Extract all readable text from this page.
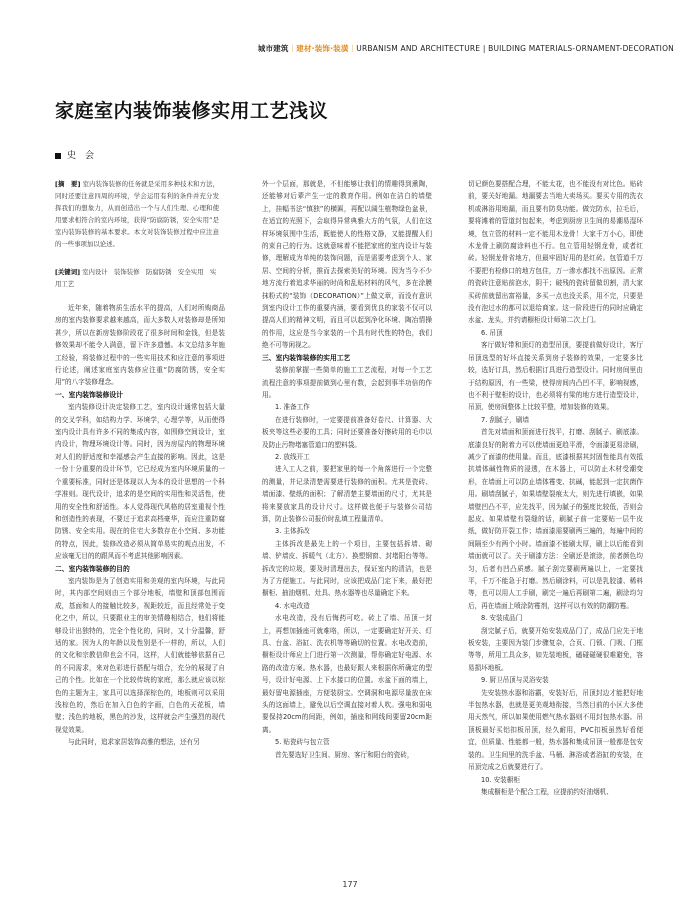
城市建筑｜建材·装饰·装潢｜URBANISM AND ARCHITECTURE | BUILDING MATERIALS-ORNAMENT-DECORATION
家庭室内装饰装修实用工艺浅议
史　会
[摘　要] 室内装饰装修的任务就是采用多种技术和方法，同时还要注意四周的环境，学会运用有利的条件并充分发挥我们的想象力，从而创造出一个与人们生理、心理和使用要求相符合的室内环境，获得“防腐防锈，安全实用”是室内装饰装修的基本要求。本文对装饰装修过程中应注意的一些事项加以论述。
[关键词] 室内设计　装饰装修　防腐防锈　安全实用　实用工艺

近年来，随着物质生活水平的提高，人们对所购商品房的室内装修要求越来越高，而大多数人对装修却是所知甚少，所以在新房装修阶段花了很多时间和金钱，但是装修效果却不能令人满意，留下许多遗憾。本文总结多年施工经验，将装修过程中的一些实用技术和应注意的事项进行论述，阐述家庭室内装修应注重“防腐防锈，安全实用”的八字装修理念。

一、室内装饰装修设计

室内装修设计决定装修工艺，室内设计通常包括大量的交叉学科，如结构力学、环境学，心理学等，从而使得室内设计具有许多不同的集成内容，如围修空间设计，室内设计，物理环境设计等。同时，因为房屋内的物理环境对人们的舒适度和幸福感会产生直接的影响。因此，这是一份十分重要的设计环节，它已经成为室内环境质量的一个重要标准，同时还是体现以人为本的设计思想的一个科学准则。现代设计，追求的是空间的实用性和灵活性，使用的安全性和舒适性。本人觉得现代风格的居室重视个性和创造性的表现，不要过于追求高档豪华，而应注重防腐防锈、安全实用。现在的住宅大多数存在小空间、多功能的特点，因此，装修改造必须从简单易实的观点出发，不应该毫无目的的跟风而不考虑其他影响因素。

二、室内装饰装修的目的

室内装饰是为了创造实用和美观的室内环境，与此同时，其内部空间则由三个部分地板，墙壁和顶部包围而成，基面和人的接触比较多，视距较近，而且经常处于变化之中，所以，只要跟业主的审美情趣相结合，他们将能够设计出独特的，完全个性化的，同时，又十分温馨，舒适的家。因为人的年龄以及性别是不一样的，所以，人们的文化和宗教信仰也会不同，这样，人们就能够依据自己的不同需求，来对色彩进行搭配与组合，充分的展现了自己的个性。比如在一个比较传统的家庭，那么就应该以棕色的主题为主，家具可以选择深棕色的，地板则可以采用浅棕色的，然后在加入白色的字画，白色的天花板，墙壁；浅色的地板，黑色的沙发，这样就会产生强烈的现代视觉效果。

与此同时，追求家居装饰高雅的想法，还有另

外一个层面，那就是，不但能够让我们的情趣得到熏陶，还能够对后辈产生一定的教育作用。例如在洁白的墙壁上，挂幅书法“慎独”的横匾，再配以阔生植物绿色盆景，在适宜的光照下，会取得异常典雅大方的气氛，人们在这样环境氛围中生活，既能使人的性格文静，又能提醒人们的束自己的行为。这就意味着不能把家庭的室内设计与装修，理解成为单纯的装饰问题，而是需要考虑到个人、家居、空间的分析，推而去探索美好的环境。因为当今不少地方流行着追求华丽的时尚和乱贴材料的风气，多在涂膜抹粉式的“装饰（DECORATION）”上做文章，而没有意识到室内设计工作的重要内涵，要看到优良的家装不仅可以提高人们的精神文明，而且可以起到净化环境、陶冶情操的作用，这应是当今家装的一个具有时代性的特色，我们绝不可等闲视之。

三、室内装饰装修的实用工艺

装修前掌握一些简单的施工工艺流程，对每一个工艺流程注意的事项提前做到心里有数，会起到事半功倍的作用。

1. 准备工作

在进行装修时，一定要提前准备好卷尺、计算器、大板夹等这些必要的工具；同时还要准备好擦砖用的毛巾以及防止污物堵塞管道口的塑料袋。

2. 放线开工

进入工人之前，要把家里的每一个角落进行一个完整的测量，并记录清楚需要进行装修的面积。尤其是瓷砖、墙面漆、壁纸的面积；了解清楚主要墙面的尺寸，尤其是将来要放家具的设计尺寸。这样做也便于与装修公司结算，防止装修公司报价时乱填工程量清单。

3. 主体拆改

主体拆改是最先上的一个项目，主要包括拆墙、砌墙、铲墙皮、拆暖气（北方）、换塑钢窗、封堵阳台等等。拆改完的垃圾，要及时清理出去，保证室内的清洁，也是为了方便施工。与此同时，应该把成品门定下来，最好把橱柜、抽油烟机、灶具、热水器等也尽量确定下来。

4. 水电改造

水电改造，没有后悔药可吃。砖上了墙、吊顶一封上，再想加插座可就难咯，所以，一定要确定好开关、灯具、台盆、浴缸、洗衣机等等确切的位置。水电改造前，橱柜设计师应上门进行第一次测量，帮你确定好电源、水路的改造方案。热水器，也最好跟人来根据你所确定的型号，设计好电源、上下水接口的位置。水盆下面的墙上，最好留电源插座，方便装厨宝。空调洞和电源尽量放在床头的这面墙上，避免以后空调直接对着人吹。强电和弱电要保持20cm的间距，例如，插座和网线间要留20cm距离。

5. 贴瓷砖与包立管

首先要选好卫生间、厨房、客厅和阳台的瓷砖，

切记颜色要搭配合理，不能太花，也不能没有对比色。贴砖前，要关好地漏。地漏要去当地大卖场买。要买专用的洗衣机或淋浴用地漏，而且要有防臭功能。做完防水，拉毛后，要将滩着的管道封包起来，考虑到厨房卫生间的易潮易湿环境，包立管的材料一定不能用木龙骨！大家千万小心，即使木龙骨上刷防腐涂料也不行。包立管用轻钢龙骨，或者红砖。轻钢龙骨省地方，但最牢固好用的是红砖。包管道千万不要把有检修口的地方包住，万一渗水都找不出原因。正常的瓷砖注意贴前泡水，阴干；破残的瓷砖留做切割，清大家买砖前就留出富裕量，多买一点也没关系，用不完，只要是没有泡过水的都可以退给商家。这一阶段进行的同时应确定水盆、龙头，并约请橱柜设计师第二次上门。

6. 吊顶

客厅做好带和顶灯的造型吊顶，要提前做好设计，客厅吊顶选型的好坏直接关系到房子装修的效果，一定要多比较，选好订具，然后根据订具进行造型设计。同时房间里由于结构原因，有一些梁，使得房间内凸凹不平，影响视感，也不利于壁柜的设计，也必须将有梁的地方进行造型设计，吊顶，使房间整体上比较平整，增加装修的效果。

7. 刮腻子，刷墙

首先对墙面和顶面进行找平，打磨、刮腻子、刷底漆。底漆良好的附着力可以使墙面更趋平滑，令面漆更易涂刷，减少了面漆的使用量。而且，底漆根据其封固性能具有效抵抗墙体碱性物质的浸透，在木器上，可以防止木材受潮变形，在墙面上可以防止墙体霉变、抗碱，能起到一定抗菌作用。刷墙刮腻子，如果墙壁裂痕太大，则先进行填嵌，如果墙壁凹凸不平，应先找平，因为腻子的强度比较低，否则会起皮。如果墙壁有裂缝的话，刷腻子前一定要贴一层牛皮纸，做好防开裂工作；墙面漆需要刷两三遍的，每遍中间的间隔至少有两个小时。墙面漆不能刷太厚，刷上以后能看到墙面就可以了。关于刷漆方法：全刷还是滚涂，前者颜色均匀，后者有凹凸质感。腻子刮完要刷两遍以上，一定要找平，千万不能急于打磨。然后刷涂料，可以是乳胶漆、稀料等，也可以用人工手刷，刷完一遍后再刷第二遍，刷涂均匀后，再在墙面上喷涂防霉剂，这样可以有效的防潮防霉。

8. 安装成品门

刮完腻子后，就要开始安装成品门了，成品门应先于地板安装，主要因为装门步骤复杂，合页、门锁、门吸、门框等等，所用工具众多，如先装地板，磕碰碰硬很难避免，容易损坏地板。

9. 厨卫吊顶与灵浴安装

先安装热水器和浴霸，安装好后，吊顶封边才能把好地半包热水器，也就是更美观地衔接，当然目前的小区大多使用天然气，所以如果使用燃气热水器则不用封包热水器。吊顶板最好买铝扣板吊顶，经久耐用，PVC扣板虽然好看便宜，但质量、性能都一般，热水器和集成吊顶一般都是包安装的。卫生间里的洗手盆、马桶、淋浴或者浴缸的安装，在吊顶完成之后就要进行了。

10. 安装橱柜

集成橱柜是个配合工程，应提前约好油烟机、

177
